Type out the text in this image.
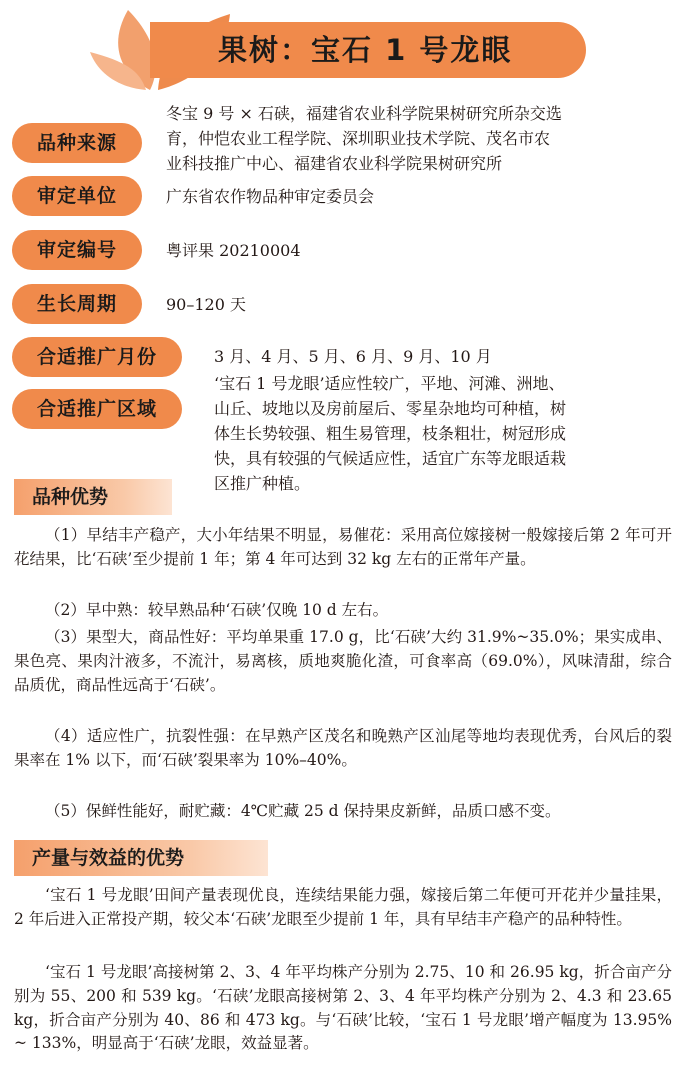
果树：宝石 1 号龙眼
品种来源
冬宝 9 号 × 石硖，福建省农业科学院果树研究所杂交选
育，仲恺农业工程学院、深圳职业技术学院、茂名市农
业科技推广中心、福建省农业科学院果树研究所
审定单位	广东省农作物品种审定委员会
审定编号	粤评果 20210004
生长周期	90–120 天
合适推广月份	3 月、4 月、5 月、6 月、9 月、10 月
合适推广区域
‘宝石 1 号龙眼’适应性较广，平地、河滩、洲地、
山丘、坡地以及房前屋后、零星杂地均可种植，树
体生长势较强、粗生易管理，枝条粗壮，树冠形成
快，具有较强的气候适应性，适宜广东等龙眼适栽
区推广种植。
品种优势
（1）早结丰产稳产，大小年结果不明显，易催花：采用高位嫁接树一般嫁接后第 2 年可开花结果，比‘石硖’至少提前 1 年；第 4 年可达到 32 kg 左右的正常年产量。
（2）早中熟：较早熟品种‘石硖’仅晚 10 d 左右。
（3）果型大，商品性好：平均单果重 17.0 g，比‘石硖’大约 31.9%~35.0%；果实成串、果色亮、果肉汁液多，不流汁，易离核，质地爽脆化渣，可食率高（69.0%），风味清甜，综合品质优，商品性远高于‘石硖’。
（4）适应性广，抗裂性强：在早熟产区茂名和晚熟产区汕尾等地均表现优秀，台风后的裂果率在 1% 以下，而‘石硖’裂果率为 10%–40%。
（5）保鲜性能好，耐贮藏：4℃贮藏 25 d 保持果皮新鲜，品质口感不变。
产量与效益的优势
‘宝石 1 号龙眼’田间产量表现优良，连续结果能力强，嫁接后第二年便可开花并少量挂果，2 年后进入正常投产期，较父本‘石硖’龙眼至少提前 1 年，具有早结丰产稳产的品种特性。
‘宝石 1 号龙眼’高接树第 2、3、4 年平均株产分别为 2.75、10 和 26.95 kg，折合亩产分别为 55、200 和 539 kg。‘石硖’龙眼高接树第 2、3、4 年平均株产分别为 2、4.3 和 23.65 kg，折合亩产分别为 40、86 和 473 kg。与‘石硖’比较，‘宝石 1 号龙眼’增产幅度为 13.95% ~ 133%，明显高于‘石硖’龙眼，效益显著。
